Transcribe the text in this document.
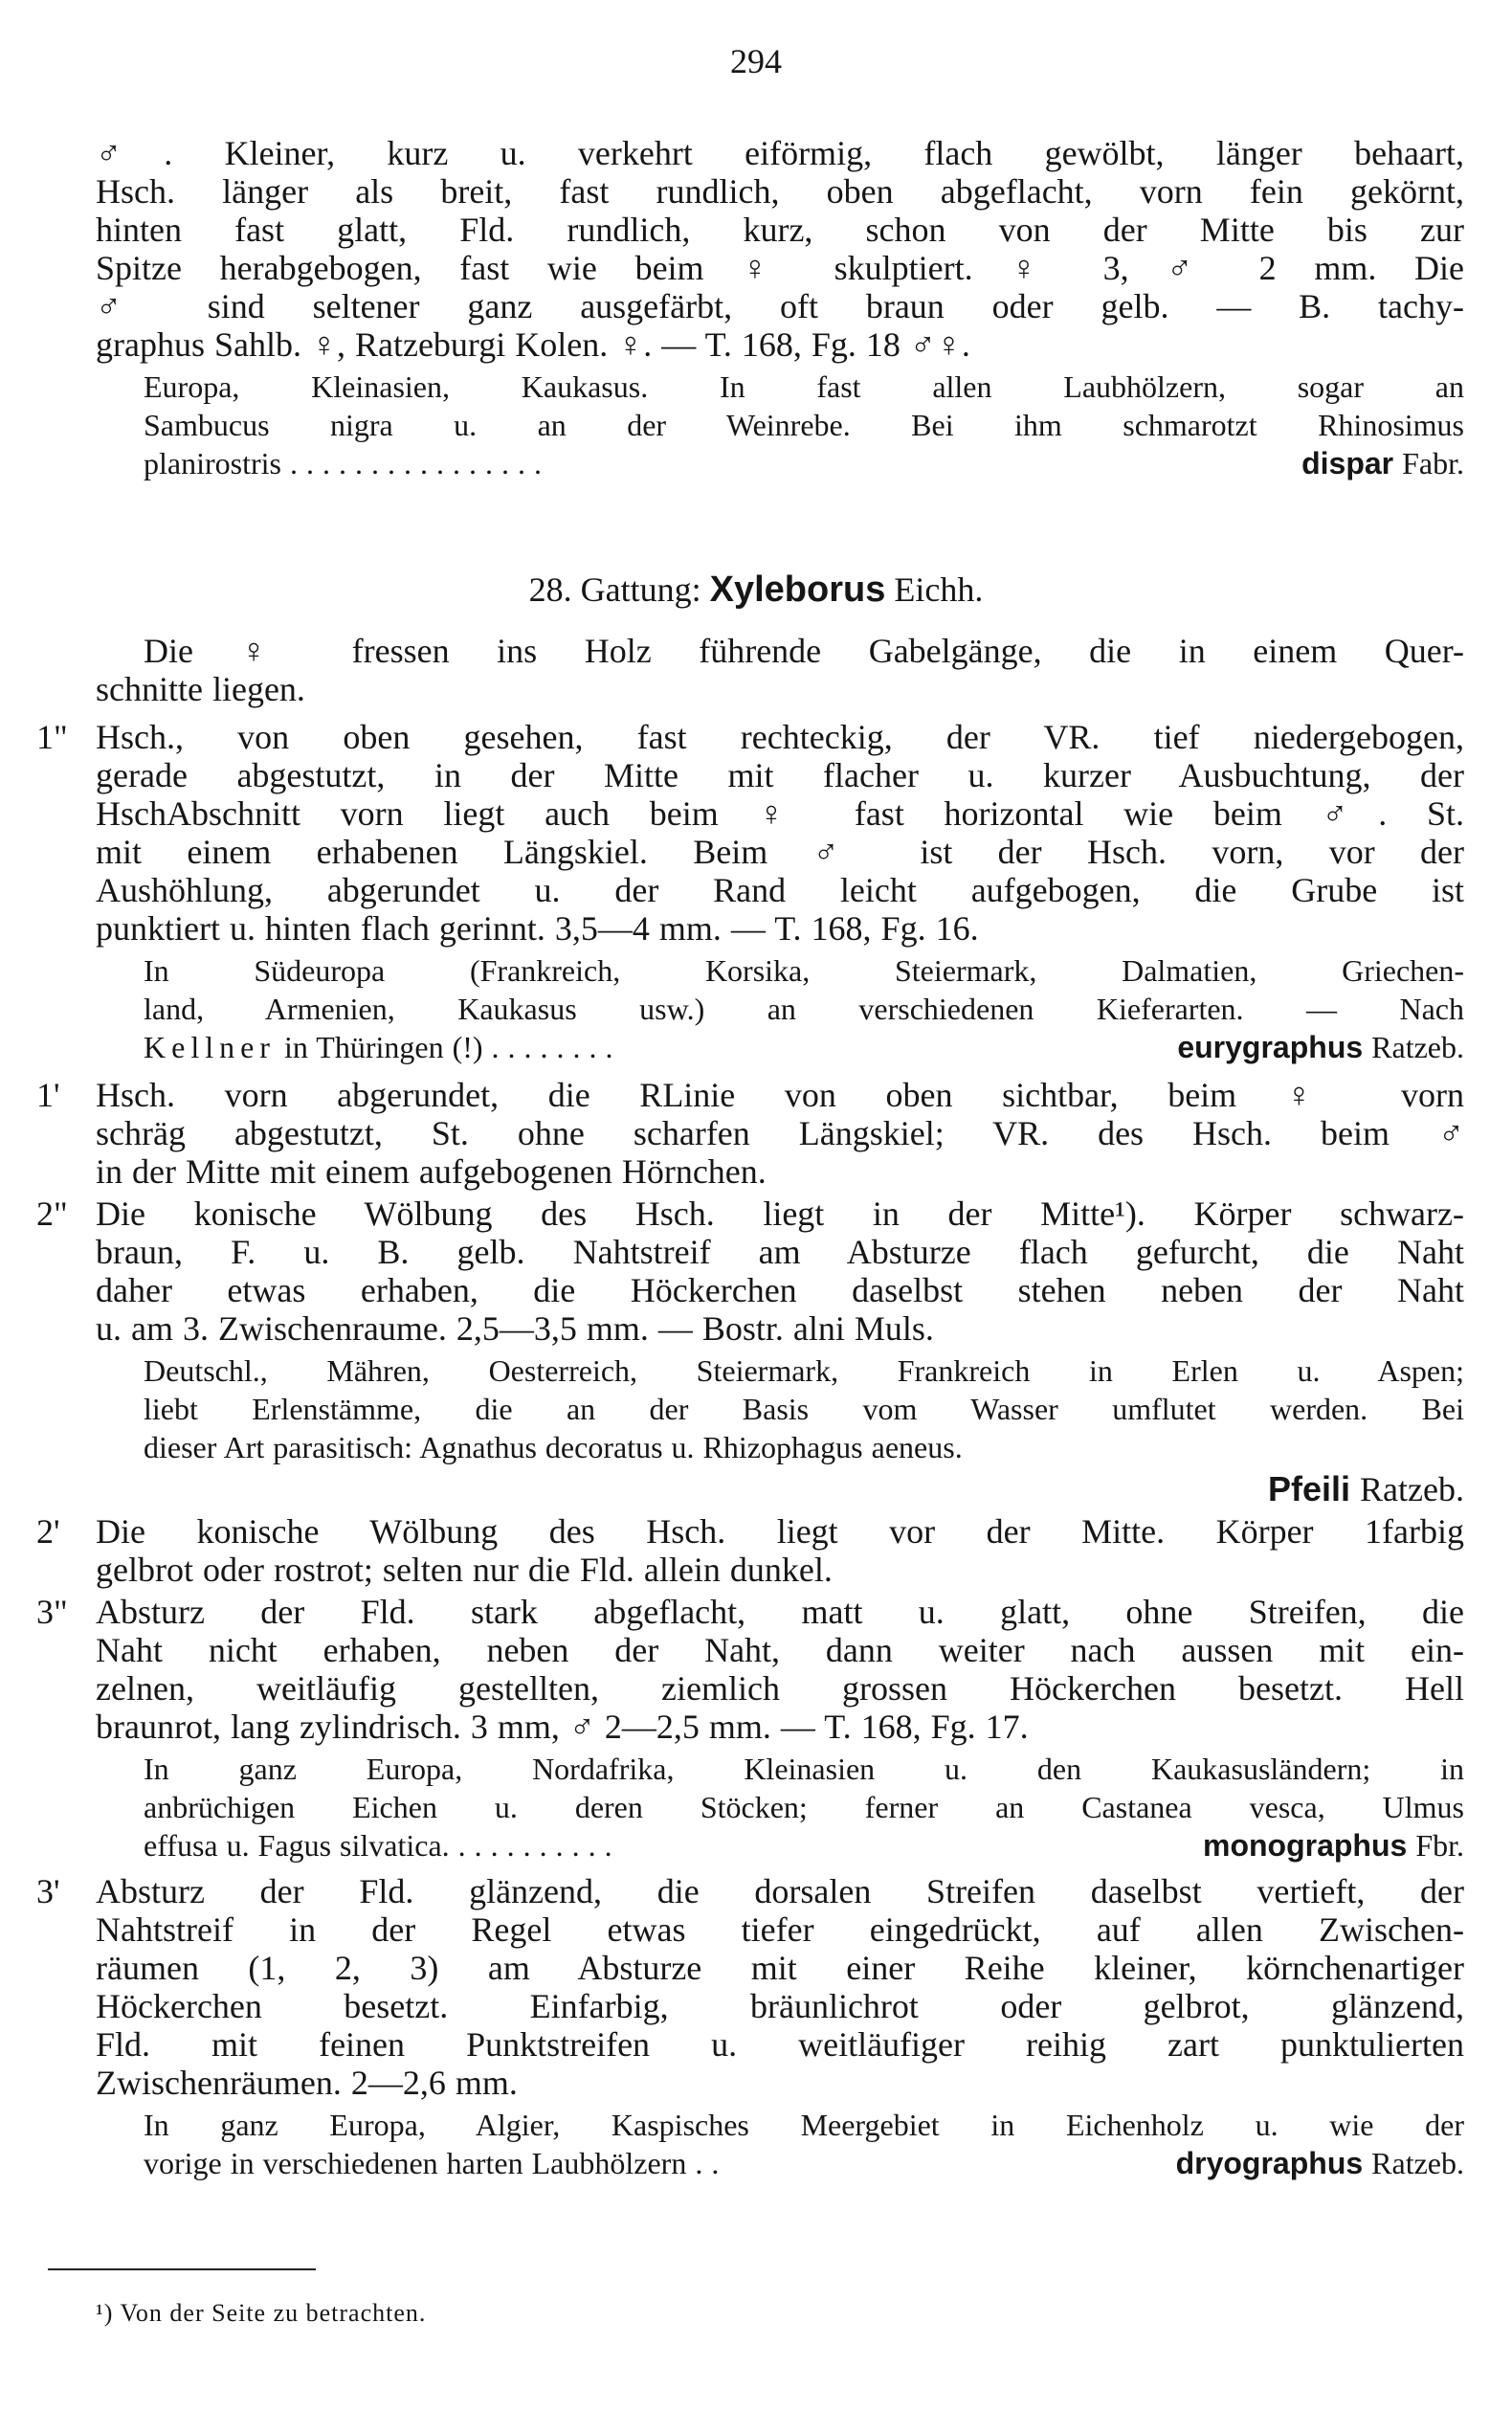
294
♂. Kleiner, kurz u. verkehrt eiförmig, flach gewölbt, länger behaart,
Hsch. länger als breit, fast rundlich, oben abgeflacht, vorn fein gekörnt,
hinten fast glatt, Fld. rundlich, kurz, schon von der Mitte bis zur
Spitze herabgebogen, fast wie beim ♀ skulptiert. ♀ 3, ♂ 2 mm. Die
♂ sind seltener ganz ausgefärbt, oft braun oder gelb. — B. tachy-
graphus Sahlb. ♀, Ratzeburgi Kolen. ♀. — T. 168, Fg. 18 ♂♀.
Europa, Kleinasien, Kaukasus. In fast allen Laubhölzern, sogar an
Sambucus nigra u. an der Weinrebe. Bei ihm schmarotzt Rhinosimus
planirostris . . . . . . . . . . . . . . . .	dispar Fabr.
28. Gattung: Xyleborus Eichh.
Die ♀ fressen ins Holz führende Gabelgänge, die in einem Quer-
schnitte liegen.
1" Hsch., von oben gesehen, fast rechteckig, der VR. tief niedergebogen,
gerade abgestutzt, in der Mitte mit flacher u. kurzer Ausbuchtung, der
HschAbschnitt vorn liegt auch beim ♀ fast horizontal wie beim ♂. St.
mit einem erhabenen Längskiel. Beim ♂ ist der Hsch. vorn, vor der
Aushöhlung, abgerundet u. der Rand leicht aufgebogen, die Grube ist
punktiert u. hinten flach gerinnt. 3,5—4 mm. — T. 168, Fg. 16.
In Südeuropa (Frankreich, Korsika, Steiermark, Dalmatien, Griechen-
land, Armenien, Kaukasus usw.) an verschiedenen Kieferarten. — Nach
Kellner in Thüringen (!) . . . . . . . .	eurygraphus Ratzeb.
1'	Hsch. vorn abgerundet, die RLinie von oben sichtbar, beim ♀ vorn
schräg abgestutzt, St. ohne scharfen Längskiel; VR. des Hsch. beim ♂
in der Mitte mit einem aufgebogenen Hörnchen.
2" Die konische Wölbung des Hsch. liegt in der Mitte¹). Körper schwarz-
braun, F. u. B. gelb. Nahtstreif am Absturze flach gefurcht, die Naht
daher etwas erhaben, die Höckerchen daselbst stehen neben der Naht
u. am 3. Zwischenraume. 2,5—3,5 mm. — Bostr. alni Muls.
Deutschl., Mähren, Oesterreich, Steiermark, Frankreich in Erlen u. Aspen;
liebt Erlenstämme, die an der Basis vom Wasser umflutet werden. Bei
dieser Art parasitisch: Agnathus decoratus u. Rhizophagus aeneus.
Pfeili Ratzeb.
2'	Die konische Wölbung des Hsch. liegt vor der Mitte. Körper 1farbig
gelbrot oder rostrot; selten nur die Fld. allein dunkel.
3" Absturz der Fld. stark abgeflacht, matt u. glatt, ohne Streifen, die
Naht nicht erhaben, neben der Naht, dann weiter nach aussen mit ein-
zelnen, weitläufig gestellten, ziemlich grossen Höckerchen besetzt. Hell
braunrot, lang zylindrisch. 3 mm, ♂ 2—2,5 mm. — T. 168, Fg. 17.
In ganz Europa, Nordafrika, Kleinasien u. den Kaukasusländern; in
anbrüchigen Eichen u. deren Stöcken; ferner an Castanea vesca, Ulmus
effusa u. Fagus silvatica. . . . . . . . . . .	monographus Fbr.
3'	Absturz der Fld. glänzend, die dorsalen Streifen daselbst vertieft, der
Nahtstreif in der Regel etwas tiefer eingedrückt, auf allen Zwischen-
räumen (1, 2, 3) am Absturze mit einer Reihe kleiner, körnchenartiger
Höckerchen besetzt. Einfarbig, bräunlichrot oder gelbrot, glänzend,
Fld. mit feinen Punktstreifen u. weitläufiger reihig zart punktulierten
Zwischenräumen. 2—2,6 mm.
In ganz Europa, Algier, Kaspisches Meergebiet in Eichenholz u. wie der
vorige in verschiedenen harten Laubhölzern . .	dryographus Ratzeb.
¹) Von der Seite zu betrachten.
